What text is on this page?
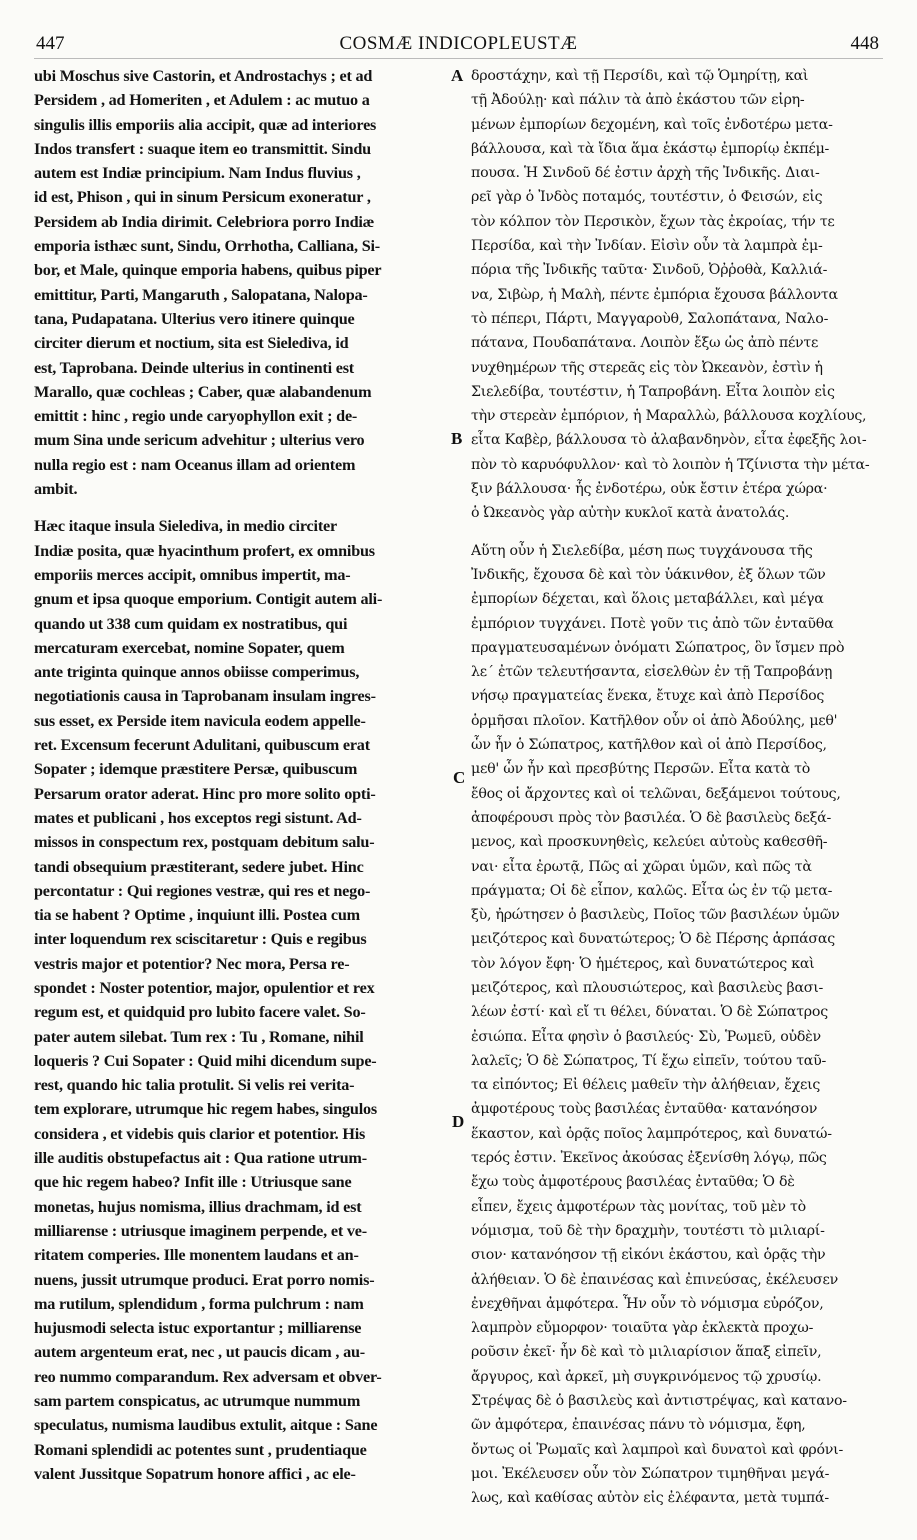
COSMÆ INDICOPLEUSTÆ
447	448
ubi Moschus sive Castorin, et Androstachys ; et ad
Persidem , ad Homeriten , et Adulem : ac mutuo a
singulis illis emporiis alia accipit, quæ ad interiores
Indos transfert : suaque item eo transmittit. Sindu
autem est Indiæ principium. Nam Indus fluvius ,
id est, Phison , qui in sinum Persicum exoneratur ,
Persidem ab India dirimit. Celebriora porro Indiæ
emporia isthæc sunt, Sindu, Orrhotha, Calliana, Si-
bor, et Male, quinque emporia habens, quibus piper
emittitur, Parti, Mangaruth , Salopatana, Nalopa-
tana, Pudapatana. Ulterius vero itinere quinque
circiter dierum et noctium, sita est Sielediva, id
est, Taprobana. Deinde ulterius in continenti est
Marallo, quæ cochleas ; Caber, quæ alabandenum
emittit : hinc , regio unde caryophyllon exit ; de-
mum Sina unde sericum advehitur ; ulterius vero
nulla regio est : nam Oceanus illam ad orientem
ambit.
Hæc itaque insula Sielediva, in medio circiter
Indiæ posita, quæ hyacinthum profert, ex omnibus
emporiis merces accipit, omnibus impertit, ma-
gnum et ipsa quoque emporium. Contigit autem ali-
quando ut 338 cum quidam ex nostratibus, qui
mercaturam exercebat, nomine Sopater, quem
ante triginta quinque annos obiisse comperimus,
negotiationis causa in Taprobanam insulam ingres-
sus esset, ex Perside item navicula eodem appelle-
ret. Excensum fecerunt Adulitani, quibuscum erat
Sopater ; idemque præstitere Persæ, quibuscum
Persarum orator aderat. Hinc pro more solito opti-
mates et publicani , hos exceptos regi sistunt. Ad-
missos in conspectum rex, postquam debitum salu-
tandi obsequium præstiterant, sedere jubet. Hinc
percontatur : Qui regiones vestræ, qui res et nego-
tia se habent ? Optime , inquiunt illi. Postea cum
inter loquendum rex sciscitaretur : Quis e regibus
vestris major et potentior? Nec mora, Persa re-
spondet : Noster potentior, major, opulentior et rex
regum est, et quidquid pro lubito facere valet. So-
pater autem silebat. Tum rex : Tu , Romane, nihil
loqueris ? Cui Sopater : Quid mihi dicendum supe-
rest, quando hic talia protulit. Si velis rei verita-
tem explorare, utrumque hic regem habes, singulos
considera , et videbis quis clarior et potentior. His
ille auditis obstupefactus ait : Qua ratione utrum-
que hic regem habeo? Infit ille : Utriusque sane
monetas, hujus nomisma, illius drachmam, id est
milliarense : utriusque imaginem perpende, et ve-
ritatem comperies. Ille monentem laudans et an-
nuens, jussit utrumque produci. Erat porro nomis-
ma rutilum, splendidum , forma pulchrum : nam
hujusmodi selecta istuc exportantur ; milliarense
autem argenteum erat, nec , ut paucis dicam , au-
reo nummo comparandum. Rex adversam et obver-
sam partem conspicatus, ac utrumque nummum
speculatus, numisma laudibus extulit, aitque : Sane
Romani splendidi ac potentes sunt , prudentiaque
valent Jussitque Sopatrum honore affici , ac ele-
δροστάχην, καὶ τῇ Περσίδι, καὶ τῷ Ὁμηρίτῃ, καὶ
τῇ Ἀδούλῃ· καὶ πάλιν τὰ ἀπὸ ἑκάστου τῶν εἰρη-
μένων ἐμπορίων δεχομένη, καὶ τοῖς ἐνδοτέρω μετα-
βάλλουσα, καὶ τὰ ἴδια ἅμα ἑκάστῳ ἐμπορίῳ ἐκπέμ-
πουσα. Ἡ Σινδοῦ δέ ἐστιν ἀρχὴ τῆς Ἰνδικῆς. Διαι-
ρεῖ γὰρ ὁ Ἰνδὸς ποταμός, τουτέστιν, ὁ Φεισών, εἰς
τὸν κόλπον τὸν Περσικὸν, ἔχων τὰς ἐκροίας, τήν τε
Περσίδα, καὶ τὴν Ἰνδίαν. Εἰσὶν οὖν τὰ λαμπρὰ ἐμ-
πόρια τῆς Ἰνδικῆς ταῦτα· Σινδοῦ, Ὀῤῥοθὰ, Καλλιά-
να, Σιβὼρ, ἡ Μαλὴ, πέντε ἐμπόρια ἔχουσα βάλλοντα
τὸ πέπερι, Πάρτι, Μαγγαροὺθ, Σαλοπάτανα, Ναλο-
πάτανα, Πουδαπάτανα. Λοιπὸν ἔξω ὡς ἀπὸ πέντε
νυχθημέρων τῆς στερεᾶς εἰς τὸν Ὠκεανὸν, ἐστὶν ἡ
Σιελεδίβα, τουτέστιν, ἡ Ταπροβάνη. Εἶτα λοιπὸν εἰς
τὴν στερεὰν ἐμπόριον, ἡ Μαραλλὼ, βάλλουσα κοχλίους,
εἶτα Καβὲρ, βάλλουσα τὸ ἀλαβανδηνὸν, εἶτα ἐφεξῆς λοι-
πὸν τὸ καρυόφυλλον· καὶ τὸ λοιπὸν ἡ Τζίνιστα τὴν μέτα-
ξιν βάλλουσα· ἧς ἐνδοτέρω, οὐκ ἔστιν ἑτέρα χώρα·
ὁ Ὠκεανὸς γὰρ αὐτὴν κυκλοῖ κατὰ ἀνατολάς.
Αὕτη οὖν ἡ Σιελεδίβα, μέση πως τυγχάνουσα τῆς
Ἰνδικῆς, ἔχουσα δὲ καὶ τὸν ὑάκινθον, ἐξ ὅλων τῶν
ἐμπορίων δέχεται, καὶ ὅλοις μεταβάλλει, καὶ μέγα
ἐμπόριον τυγχάνει. Ποτὲ γοῦν τις ἀπὸ τῶν ἐνταῦθα
πραγματευσαμένων ὀνόματι Σώπατρος, ὃν ἴσμεν πρὸ
λε´ ἐτῶν τελευτήσαντα, εἰσελθὼν ἐν τῇ Ταπροβάνῃ
νήσῳ πραγματείας ἕνεκα, ἔτυχε καὶ ἀπὸ Περσίδος
ὁρμῆσαι πλοῖον. Κατῆλθον οὖν οἱ ἀπὸ Ἀδούλης, μεθ'
ὧν ἦν ὁ Σώπατρος, κατῆλθον καὶ οἱ ἀπὸ Περσίδος,
μεθ' ὧν ἦν καὶ πρεσβύτης Περσῶν. Εἶτα κατὰ τὸ
ἔθος οἱ ἄρχοντες καὶ οἱ τελῶναι, δεξάμενοι τούτους,
ἀποφέρουσι πρὸς τὸν βασιλέα. Ὁ δὲ βασιλεὺς δεξά-
μενος, καὶ προσκυνηθεὶς, κελεύει αὐτοὺς καθεσθῆ-
ναι· εἶτα ἐρωτᾷ, Πῶς αἱ χῶραι ὑμῶν, καὶ πῶς τὰ
πράγματα; Οἱ δὲ εἶπον, καλῶς. Εἶτα ὡς ἐν τῷ μετα-
ξὺ, ἠρώτησεν ὁ βασιλεὺς, Ποῖος τῶν βασιλέων ὑμῶν
μειζότερος καὶ δυνατώτερος; Ὁ δὲ Πέρσης ἁρπάσας
τὸν λόγον ἔφη· Ὁ ἡμέτερος, καὶ δυνατώτερος καὶ
μειζότερος, καὶ πλουσιώτερος, καὶ βασιλεὺς βασι-
λέων ἐστί· καὶ εἴ τι θέλει, δύναται. Ὁ δὲ Σώπατρος
ἐσιώπα. Εἶτα φησὶν ὁ βασιλεύς· Σὺ, Ῥωμεῦ, οὐδὲν
λαλεῖς; Ὁ δὲ Σώπατρος, Τί ἔχω εἰπεῖν, τούτου ταῦ-
τα εἰπόντος; Εἰ θέλεις μαθεῖν τὴν ἀλήθειαν, ἔχεις
ἀμφοτέρους τοὺς βασιλέας ἐνταῦθα· κατανόησον
ἕκαστον, καὶ ὁρᾷς ποῖος λαμπρότερος, καὶ δυνατώ-
τερός ἐστιν. Ἐκεῖνος ἀκούσας ἐξενίσθη λόγῳ, πῶς
ἔχω τοὺς ἀμφοτέρους βασιλέας ἐνταῦθα; Ὁ δὲ
εἶπεν, ἔχεις ἀμφοτέρων τὰς μονίτας, τοῦ μὲν τὸ
νόμισμα, τοῦ δὲ τὴν δραχμὴν, τουτέστι τὸ μιλιαρί-
σιον· κατανόησον τῇ εἰκόνι ἑκάστου, καὶ ὁρᾷς τὴν
ἀλήθειαν. Ὁ δὲ ἐπαινέσας καὶ ἐπινεύσας, ἐκέλευσεν
ἐνεχθῆναι ἀμφότερα. Ἦν οὖν τὸ νόμισμα εὐρόζον,
λαμπρὸν εὔμορφον· τοιαῦτα γὰρ ἐκλεκτὰ προχω-
ροῦσιν ἐκεῖ· ἦν δὲ καὶ τὸ μιλιαρίσιον ἅπαξ εἰπεῖν,
ἄργυρος, καὶ ἀρκεῖ, μὴ συγκρινόμενος τῷ χρυσίῳ.
Στρέψας δὲ ὁ βασιλεὺς καὶ ἀντιστρέψας, καὶ κατανο-
ῶν ἀμφότερα, ἐπαινέσας πάνυ τὸ νόμισμα, ἔφη,
ὄντως οἱ Ῥωμαῖς καὶ λαμπροὶ καὶ δυνατοὶ καὶ φρόνι-
μοι. Ἐκέλευσεν οὖν τὸν Σώπατρον τιμηθῆναι μεγά-
λως, καὶ καθίσας αὐτὸν εἰς ἐλέφαντα, μετὰ τυμπά-
A
B
C
D
